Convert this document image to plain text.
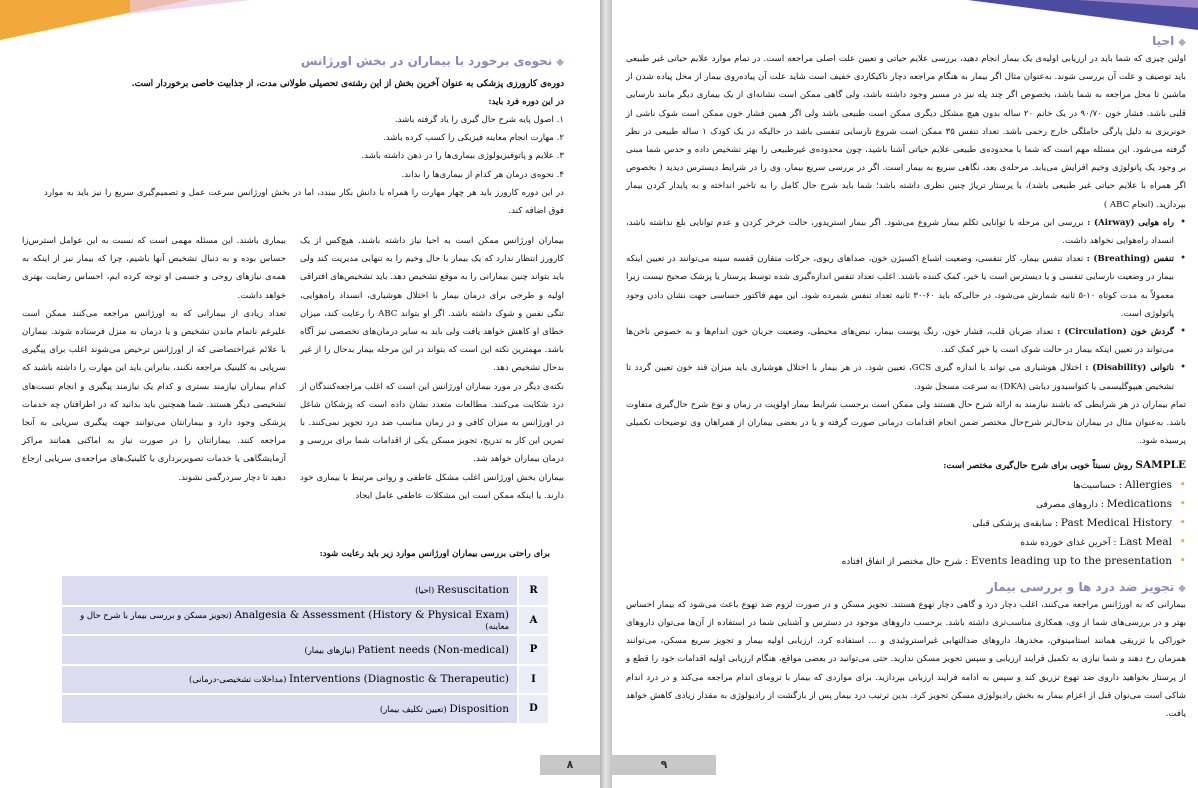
◆نحوه‌ی برخورد با بیماران در بخش اورژانس
دوره‌ی کارورزی پزشکی به عنوان آخرین بخش از این رشته‌ی تحصیلی طولانی مدت، از جذابیت خاصی برخوردار است.
در این دوره فرد باید:
۱. اصول پایه شرح حال گیری را یاد گرفته باشد.
۲. مهارت انجام معاینه فیزیکی را کسب کرده باشد.
۳. علایم و پاتوفیزیولوژی بیماری‌ها را در ذهن داشته باشد.
۴. نحوه‌ی درمان هر کدام از بیماری‌ها را بداند.
در این دوره کارورز باید هر چهار مهارت را همراه با دانش بکار ببندد، اما در بخش اورژانس سرعت عمل و تصمیم‌گیری سریع را نیز باید به موارد فوق اضافه کند.

بیماران اورژانس ممکن است به احیا نیاز داشته باشند. هیچ‌کس از یک کارورز انتظار ندارد که یک بیمار با حال وخیم را به تنهایی مدیریت کند ولی باید بتواند چنین بیمارانی را به موقع تشخیص دهد. باید تشخیص‌های افتراقی اولیه و طرحی برای درمان بیمار با اختلال هوشیاری، انسداد راه‌هوایی، تنگی نفس و شوک داشته باشد. اگر او بتواند ABC را رعایت کند، میزان خطای او کاهش خواهد یافت ولی باید به سایر درمان‌های تخصصی نیز آگاه باشد. مهمترین نکته این است که بتواند در این مرحله بیمار بدحال را از غیر بدحال تشخیص دهد.

نکته‌ی دیگر در مورد بیماران اورژانس این است که اغلب مراجعه‌کنندگان از درد شکایت می‌کنند. مطالعات متعدد نشان داده است که پزشکان شاغل در اورژانس به میزان کافی و در زمان مناسب ضد درد تجویز نمی‌کنند. با تمرین این کار به تدریج، تجویز مسکن یکی از اقدامات شما برای بررسی و درمان بیماران خواهد شد.

بیماران بخش اورژانس اغلب مشکل عاطفی و روانی مرتبط با بیماری خود دارند. یا اینکه ممکن است این مشکلات عاطفی عامل ایجاد

بیماری باشند. این مسئله مهمی است که نسبت به این عوامل استرس‌زا حساس بوده و به دنبال تشخیص آنها باشیم، چرا که بیمار نیز از اینکه به همه‌ی نیازهای روحی و جسمی او توجه کرده ایم، احساس رضایت بهتری خواهد داشت.

تعداد زیادی از بیمارانی که به اورژانس مراجعه می‌کنند ممکن است علیرغم ناتمام ماندن تشخیص و یا درمان به منزل فرستاده شوند. بیماران با علائم غیراختصاصی که از اورژانس ترخیص می‌شوند اغلب برای پیگیری سرپایی به کلینیک مراجعه نکنند، بنابراین باید این مهارت را داشته باشید که کدام بیماران نیازمند بستری و کدام یک نیازمند پیگیری و انجام تست‌های تشخیصی دیگر هستند. شما همچنین باید بدانید که در اطرافتان چه خدمات پزشکی وجود دارد و بیمارانتان می‌توانند جهت پیگیری سرپایی به آنجا مراجعه کنند. بیمارانتان را در صورت نیاز به اماکنی همانند مراکز آزمایشگاهی یا خدمات تصویربرداری یا کلینیک‌های مراجعه‌ی سرپایی ارجاع دهید تا دچار سردرگمی نشوند.

برای راحتی بررسی بیماران اورژانس موارد زیر باید رعایت شود:
Resuscitation (احیا)	R
Analgesia & Assessment (History & Physical Exam) (تجویز مسکن و بررسی بیمار با شرح حال و معاینه)	A
Patient needs (Non-medical) (نیازهای بیمار)	P
Interventions (Diagnostic & Therapeutic) (مداخلات تشخیصی-درمانی)	I
Disposition (تعیین تکلیف بیمار)	D
۸
◆احیا

اولین چیزی که شما باید در ارزیابی اولیه‌ی یک بیمار انجام دهید، بررسی علایم حیاتی و تعیین علت اصلی مراجعه است. در تمام موارد علایم حیاتی غیر طبیعی باید توصیف و علت آن بررسی شوند. به‌عنوان مثال اگر بیمار به هنگام مراجعه دچار تاکیکاردی خفیف است شاید علت آن پیاده‌روی بیمار از محل پیاده شدن از ماشین تا محل مراجعه به شما باشد، بخصوص اگر چند پله نیز در مسیر وجود داشته باشد، ولی گاهی ممکن است نشانه‌ای از یک بیماری دیگر مانند نارسایی قلبی باشد. فشار خون ۹۰/۷۰ در یک خانم ۲۰ ساله بدون هیچ مشکل دیگری ممکن است طبیعی باشد ولی اگر همین فشار خون ممکن است شوک ناشی از خونریزی به دلیل پارگی حاملگی خارج رحمی باشد. تعداد تنفس ۳۵ ممکن است شروع نارسایی تنفسی باشد در حالیکه در یک کودک ۱ ساله طبیعی در نظر گرفته می‌شود. این مسئله مهم است که شما با محدوده‌ی طبیعی علایم حیاتی آشنا باشید، چون محدوده‌ی غیرطبیعی را بهتر تشخیص داده و حدس شما مبنی بر وجود یک پاتولوژی وخیم افزایش می‌یابد. مرحله‌ی بعد، نگاهی سریع به بیمار است. اگر در بررسی سریع بیمار، وی را در شرایط دیسترس دیدید ( بخصوص اگر همراه با علایم حیاتی غیر طبیعی باشد)، یا پرستار تریاژ چنین نظری داشته باشد؛ شما باید شرح حال کامل را به تاخیر انداخته و به پایدار کردن بیمار بپردازید. (انجام ABC )

• راه هوایی (Airway) : بررسی این مرحله با توانایی تکلم بیمار شروع می‌شود. اگر بیمار استریدور، حالت خرخر کردن و عدم توانایی بلع نداشته باشد، انسداد راه‌هوایی نخواهد داشت.
• تنفس (Breathing) : تعداد تنفس بیمار، کار تنفسی، وضعیت اشباع اکسیژن خون، صداهای ریوی، حرکات متقارن قفسه سینه می‌توانند در تعیین اینکه بیمار در وضعیت نارسایی تنفسی و یا دیسترس است یا خیر، کمک کننده باشند. اغلب تعداد تنفس اندازه‌گیری شده توسط پرستار یا پزشک صحیح نیست زیرا معمولاً به مدت کوتاه ۱۰-۵ ثانیه شمارش می‌شود، در حالی‌که باید ۶۰-۳۰ ثانیه تعداد تنفس شمرده شود. این مهم فاکتور حساسی جهت نشان دادن وجود پاتولوژی است.
• گردش خون (Circulation) : تعداد ضربان قلب، فشار خون، رنگ پوست بیمار، نبض‌های محیطی، وضعیت جریان خون اندام‌ها و به خصوص ناخن‌ها می‌تواند در تعیین اینکه بیمار در حالت شوک است یا خیر کمک کند.
• ناتوانی (Disability) : اختلال هوشیاری می تواند با اندازه گیری GCS، تعیین شود. در هر بیمار با اختلال هوشیاری باید میزان قند خون تعیین گردد تا تشخیص هیپوگلیسمی یا کتواسیدوز دیابتی (DKA) به سرعت مسجل شود.

تمام بیماران در هر شرایطی که باشند نیازمند به ارائه شرح حال هستند ولی ممکن است برحسب شرایط بیمار اولویت در زمان و نوع شرح حال‌گیری متفاوت باشد. به‌عنوان مثال در بیماران بدحال‌تر شرح‌حال مختصر ضمن انجام اقدامات درمانی صورت گرفته و یا در بعضی بیماران از همراهان وی توضیحات تکمیلی پرسیده شود.

SAMPLE روش نسبتاً خوبی برای شرح حال‌گیری مختصر است:
• Allergies : حساسیت‌ها
• Medications : داروهای مصرفی
• Past Medical History : سابقه‌ی پزشکی قبلی
• Last Meal : آخرین غذای خورده شده
• Events leading up to the presentation : شرح حال مختصر از اتفاق افتاده
◆تجویز ضد درد ها و بررسی بیمار

بیمارانی که به اورژانس مراجعه می‌کنند، اغلب دچار درد و گاهی دچار تهوع هستند. تجویز مسکن و در صورت لزوم ضد تهوع باعث می‌شود که بیمار احساس بهتر و در بررسی‌های شما از وی، همکاری مناسب‌تری داشته باشد. برحسب داروهای موجود در دسترس و آشنایی شما در استفاده از آن‌ها می‌توان داروهای خوراکی یا تزریقی همانند استامینوفن، مخدرها، داروهای ضدالتهابی غیراستروئیدی و ... استفاده کرد. ارزیابی اولیه بیمار و تجویز سریع مسکن، می‌توانند همزمان رخ دهند و شما نیازی به تکمیل فرایند ارزیابی و سپس تجویز مسکن ندارید. حتی می‌توانید در بعضی مواقع، هنگام ارزیابی اولیه اقدامات خود را قطع و از پرستار بخواهید داروی ضد تهوع تزریق کند و سپس به ادامه فرایند ارزیابی بپردازید. برای مواردی که بیمار با ترومای اندام مراجعه می‌کند و در درد اندام شاکی است می‌توان قبل از اعزام بیمار به بخش رادیولوژی مسکن تجویز کرد. بدین ترتیب درد بیمار پس از بازگشت از رادیولوژی به مقدار زیادی کاهش خواهد یافت.

۹
